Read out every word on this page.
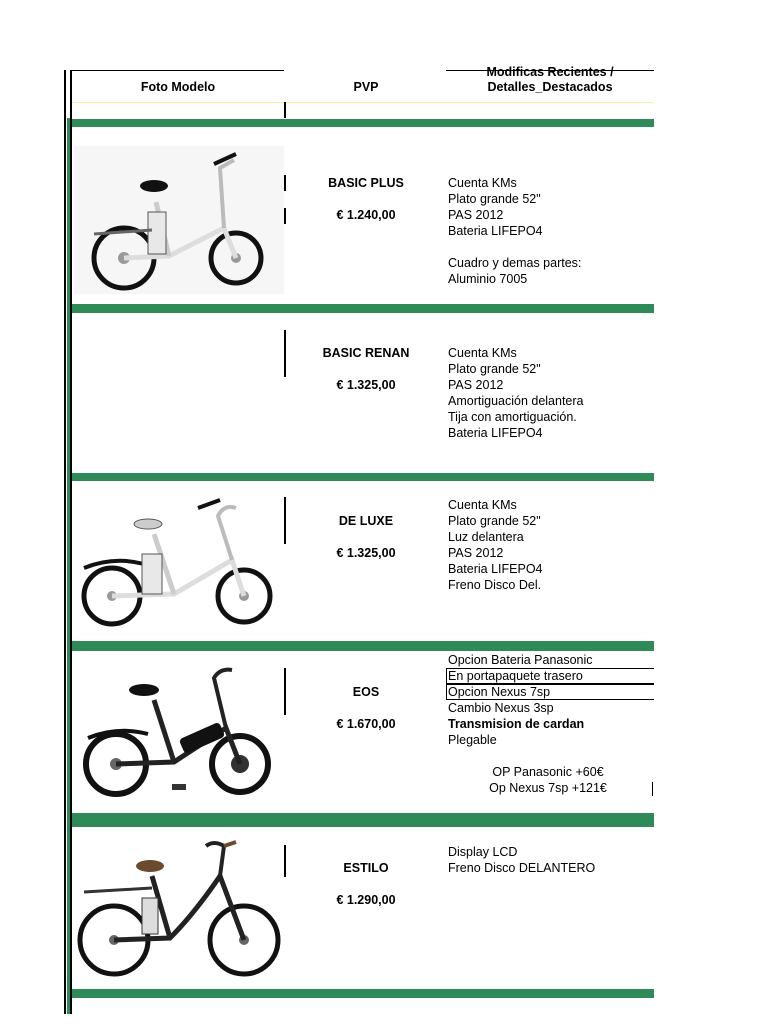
Foto Modelo	PVP
Modificas Recientes /
Detalles_Destacados
BASIC PLUS
€ 1.240,00
Cuenta KMs
Plato grande 52"
PAS 2012
Bateria LIFEPO4
Cuadro y demas partes:
Aluminio 7005
BASIC RENAN
€ 1.325,00
Cuenta KMs
Plato grande 52"
PAS 2012
Amortiguación delantera
Tija con amortiguación.
Bateria LIFEPO4
DE LUXE
€ 1.325,00
Cuenta KMs
Plato grande 52"
Luz delantera
PAS 2012
Bateria LIFEPO4
Freno Disco Del.
EOS
€ 1.670,00
Opcion Bateria Panasonic
En portapaquete trasero
Opcion Nexus 7sp
Cambio Nexus 3sp
Transmision de cardan
Plegable
OP Panasonic +60€
Op Nexus 7sp +121€
ESTILO
€ 1.290,00
Display LCD
Freno Disco DELANTERO
